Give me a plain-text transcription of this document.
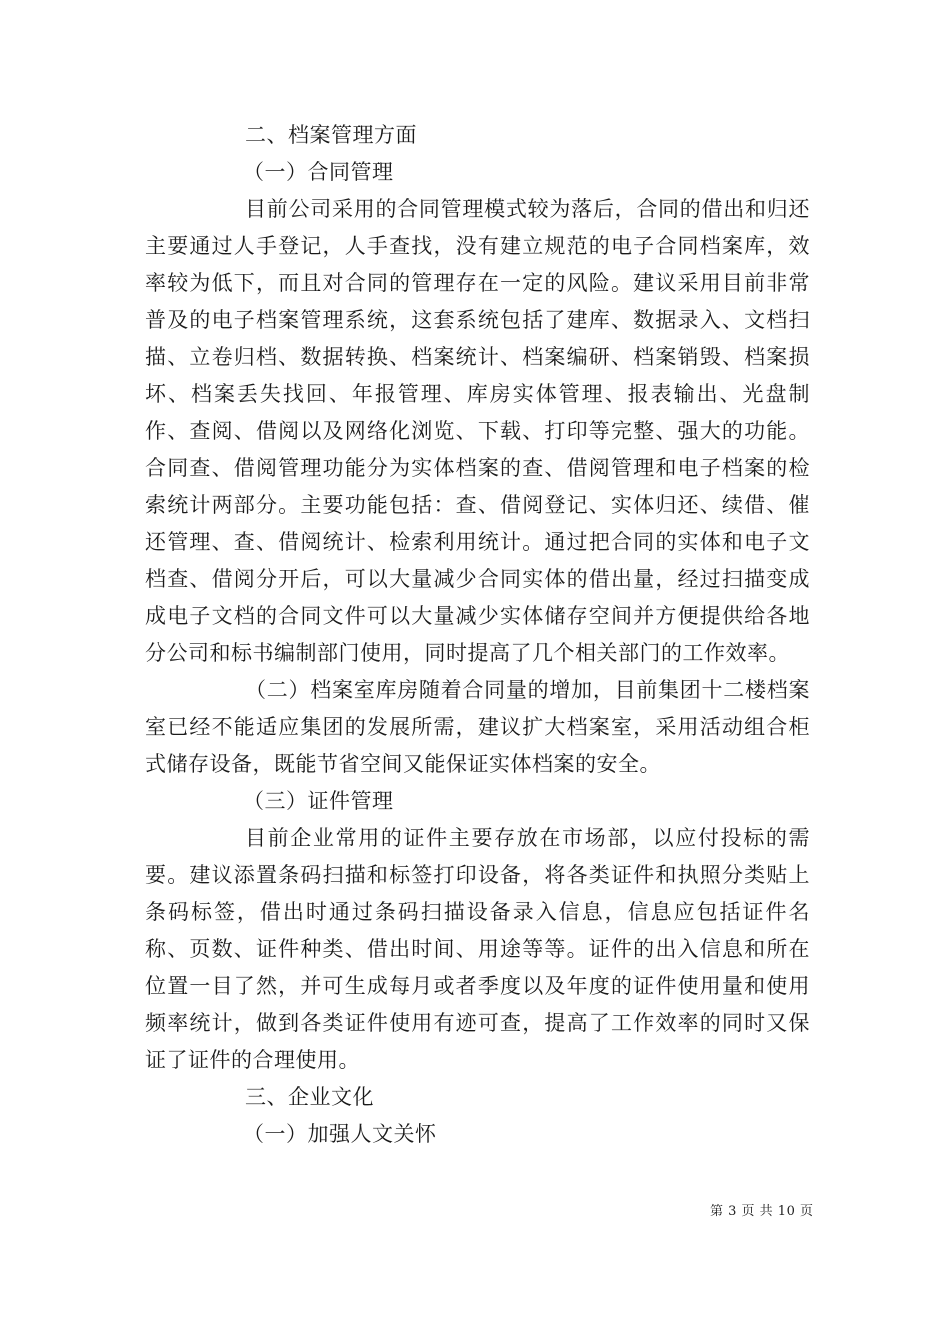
二、档案管理方面

（一）合同管理

目前公司采用的合同管理模式较为落后，合同的借出和归还主要通过人手登记，人手查找，没有建立规范的电子合同档案库，效率较为低下，而且对合同的管理存在一定的风险。建议采用目前非常普及的电子档案管理系统，这套系统包括了建库、数据录入、文档扫描、立卷归档、数据转换、档案统计、档案编研、档案销毁、档案损坏、档案丢失找回、年报管理、库房实体管理、报表输出、光盘制作、查阅、借阅以及网络化浏览、下载、打印等完整、强大的功能。合同查、借阅管理功能分为实体档案的查、借阅管理和电子档案的检索统计两部分。主要功能包括：查、借阅登记、实体归还、续借、催还管理、查、借阅统计、检索利用统计。通过把合同的实体和电子文档查、借阅分开后，可以大量减少合同实体的借出量，经过扫描变成成电子文档的合同文件可以大量减少实体储存空间并方便提供给各地分公司和标书编制部门使用，同时提高了几个相关部门的工作效率。

（二）档案室库房随着合同量的增加，目前集团十二楼档案室已经不能适应集团的发展所需，建议扩大档案室，采用活动组合柜式储存设备，既能节省空间又能保证实体档案的安全。

（三）证件管理

目前企业常用的证件主要存放在市场部，以应付投标的需要。建议添置条码扫描和标签打印设备，将各类证件和执照分类贴上条码标签，借出时通过条码扫描设备录入信息，信息应包括证件名称、页数、证件种类、借出时间、用途等等。证件的出入信息和所在位置一目了然，并可生成每月或者季度以及年度的证件使用量和使用频率统计，做到各类证件使用有迹可查，提高了工作效率的同时又保证了证件的合理使用。

三、企业文化

（一）加强人文关怀

第 3 页 共 10 页
